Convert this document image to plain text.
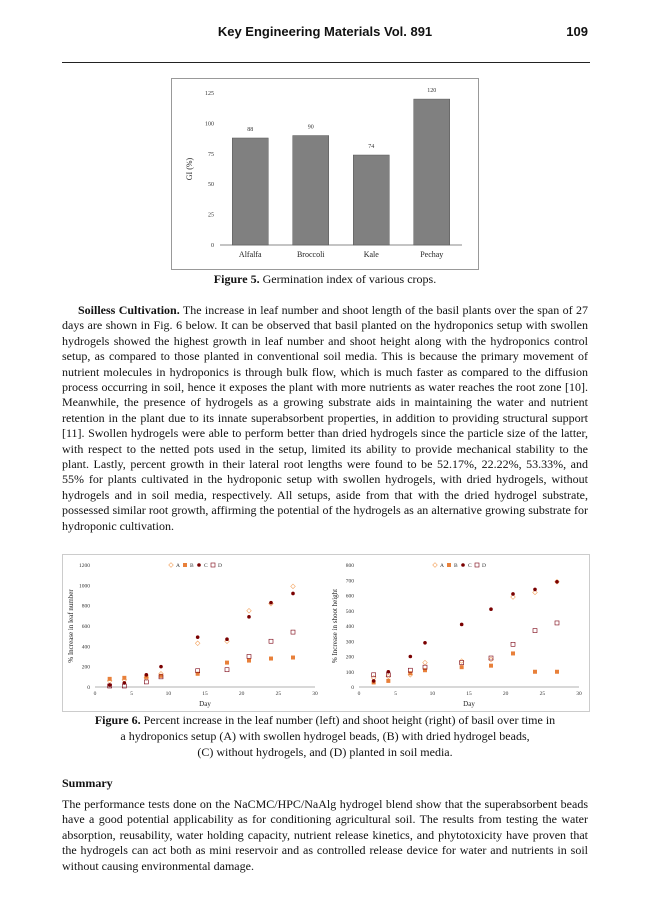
Key Engineering Materials Vol. 891	109
0
25
50
75
100
125
88
Alfalfa
90
Broccoli
74
Kale
120
Pechay
GI (%)
Figure 5. Germination index of various crops.
Soilless Cultivation. The increase in leaf number and shoot length of the basil plants over the span of 27 days are shown in Fig. 6 below. It can be observed that basil planted on the hydroponics setup with swollen hydrogels showed the highest growth in leaf number and shoot height along with the hydroponics control setup, as compared to those planted in conventional soil media. This is because the primary movement of nutrient molecules in hydroponics is through bulk flow, which is much faster as compared to the diffusion process occurring in soil, hence it exposes the plant with more nutrients as water reaches the root zone [10]. Meanwhile, the presence of hydrogels as a growing substrate aids in maintaining the water and nutrient retention in the plant due to its innate superabsorbent properties, in addition to providing structural support [11]. Swollen hydrogels were able to perform better than dried hydrogels since the particle size of the latter, with respect to the netted pots used in the setup, limited its ability to provide mechanical stability to the plant. Lastly, percent growth in their lateral root lengths were found to be 52.17%, 22.22%, 53.33%, and 55% for plants cultivated in the hydroponic setup with swollen hydrogels, with dried hydrogels, without hydrogels and in soil media, respectively. All setups, aside from that with the dried hydrogel substrate, possessed similar root growth, affirming the potential of the hydrogels as an alternative growing substrate for hydroponic cultivation.
0	5	10	15	20	25	30
0
200
400
600
800
1000
1200
Day
% Increase in leaf number
A B C D
0	5	10	15	20	25	30
0
100
200
300
400
500
600
700
800
Day
% Increase in shoot height
A B C D
Figure 6. Percent increase in the leaf number (left) and shoot height (right) of basil over time in
a hydroponics setup (A) with swollen hydrogel beads, (B) with dried hydrogel beads,
(C) without hydrogels, and (D) planted in soil media.
Summary
The performance tests done on the NaCMC/HPC/NaAlg hydrogel blend show that the superabsorbent beads have a good potential applicability as for conditioning agricultural soil. The results from testing the water absorption, reusability, water holding capacity, nutrient release kinetics, and phytotoxicity have proven that the hydrogels can act both as mini reservoir and as controlled release device for water and nutrients in soil without causing environmental damage.
